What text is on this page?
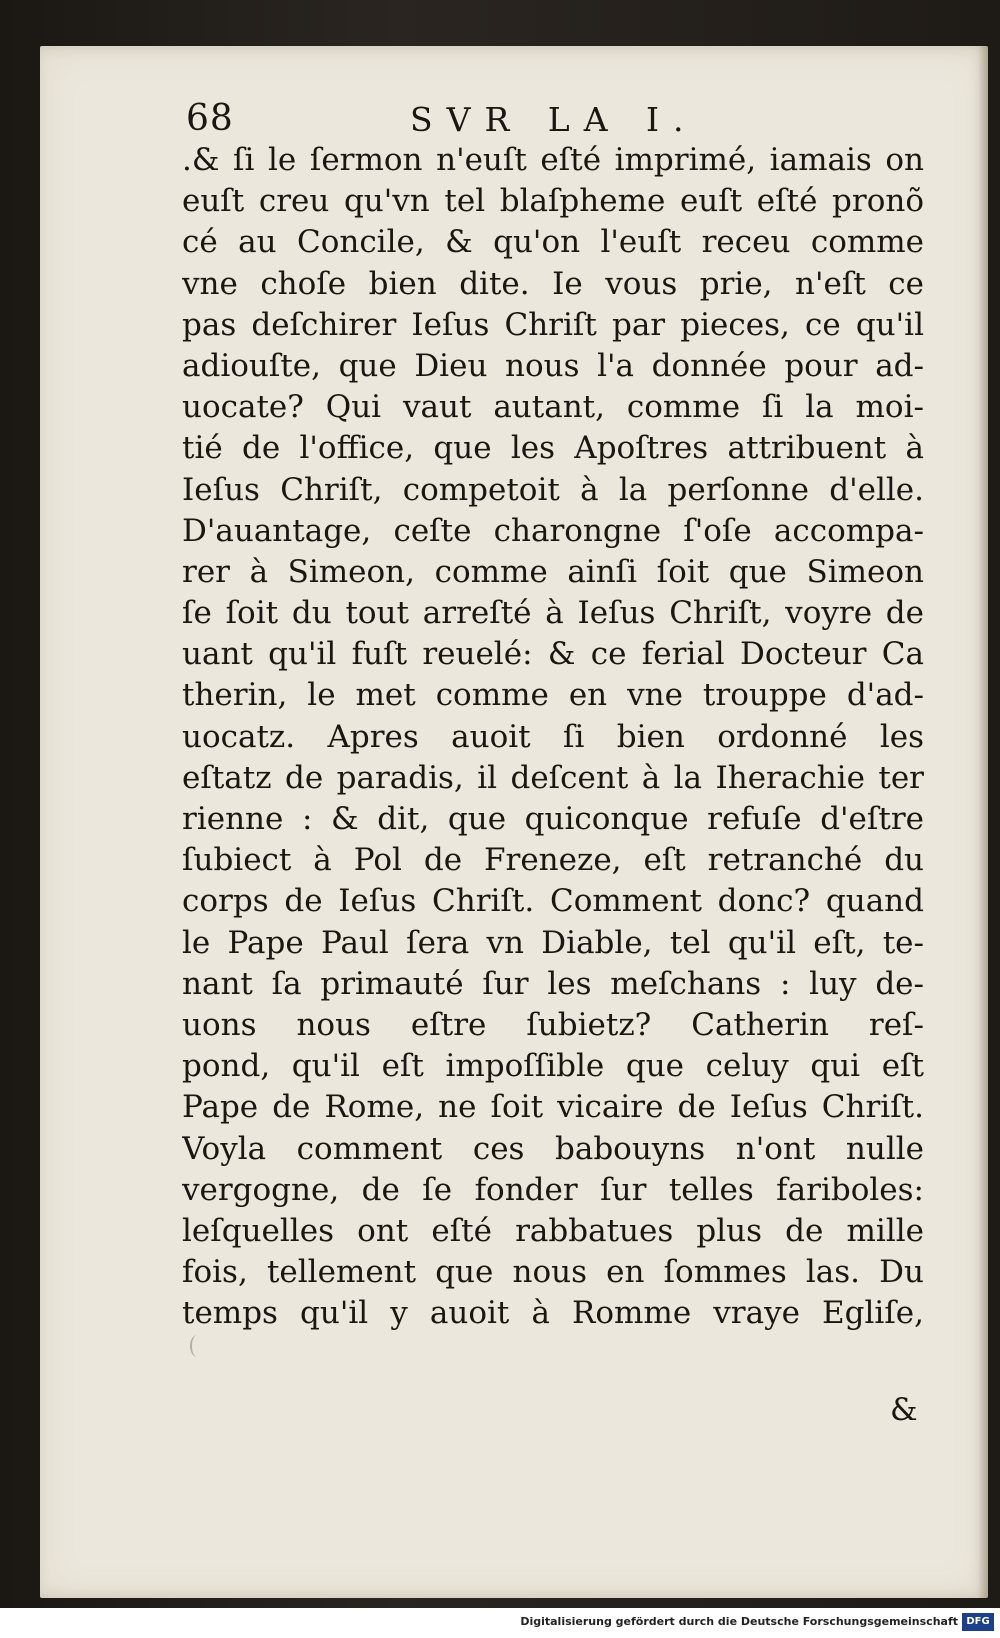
68	SVR LA I.
.& ſi le ſermon n'euſt eſté imprimé, iamais on
euſt creu qu'vn tel blaſpheme euſt eſté pronõ
cé au Concile, & qu'on l'euſt receu comme
vne choſe bien dite. Ie vous prie, n'eſt ce
pas deſchirer Ieſus Chriſt par pieces, ce qu'il
adiouſte, que Dieu nous l'a donnée pour ad-
uocate? Qui vaut autant, comme ſi la moi-
tié de l'office, que les Apoſtres attribuent à
Ieſus Chriſt, competoit à la perſonne d'elle.
D'auantage, ceſte charongne ſ'oſe accompa-
rer à Simeon, comme ainſi ſoit que Simeon
ſe ſoit du tout arreſté à Ieſus Chriſt, voyre de
uant qu'il fuſt reuelé: & ce ferial Docteur Ca
therin, le met comme en vne trouppe d'ad-
uocatz. Apres auoit ſi bien ordonné les
eſtatz de paradis, il deſcent à la Iherachie ter
rienne : & dit, que quiconque refuſe d'eſtre
ſubiect à Pol de Freneze, eſt retranché du
corps de Ieſus Chriſt. Comment donc? quand
le Pape Paul ſera vn Diable, tel qu'il eſt, te-
nant ſa primauté ſur les meſchans : luy de-
uons nous eſtre ſubietz? Catherin reſ-
pond, qu'il eſt impoſſible que celuy qui eſt
Pape de Rome, ne ſoit vicaire de Ieſus Chriſt.
Voyla comment ces babouyns n'ont nulle
vergogne, de ſe fonder ſur telles fariboles:
leſquelles ont eſté rabbatues plus de mille
fois, tellement que nous en ſommes las. Du
temps qu'il y auoit à Romme vraye Egliſe,
&
Digitalisierung gefördert durch die Deutsche Forschungsgemeinschaft DFG
